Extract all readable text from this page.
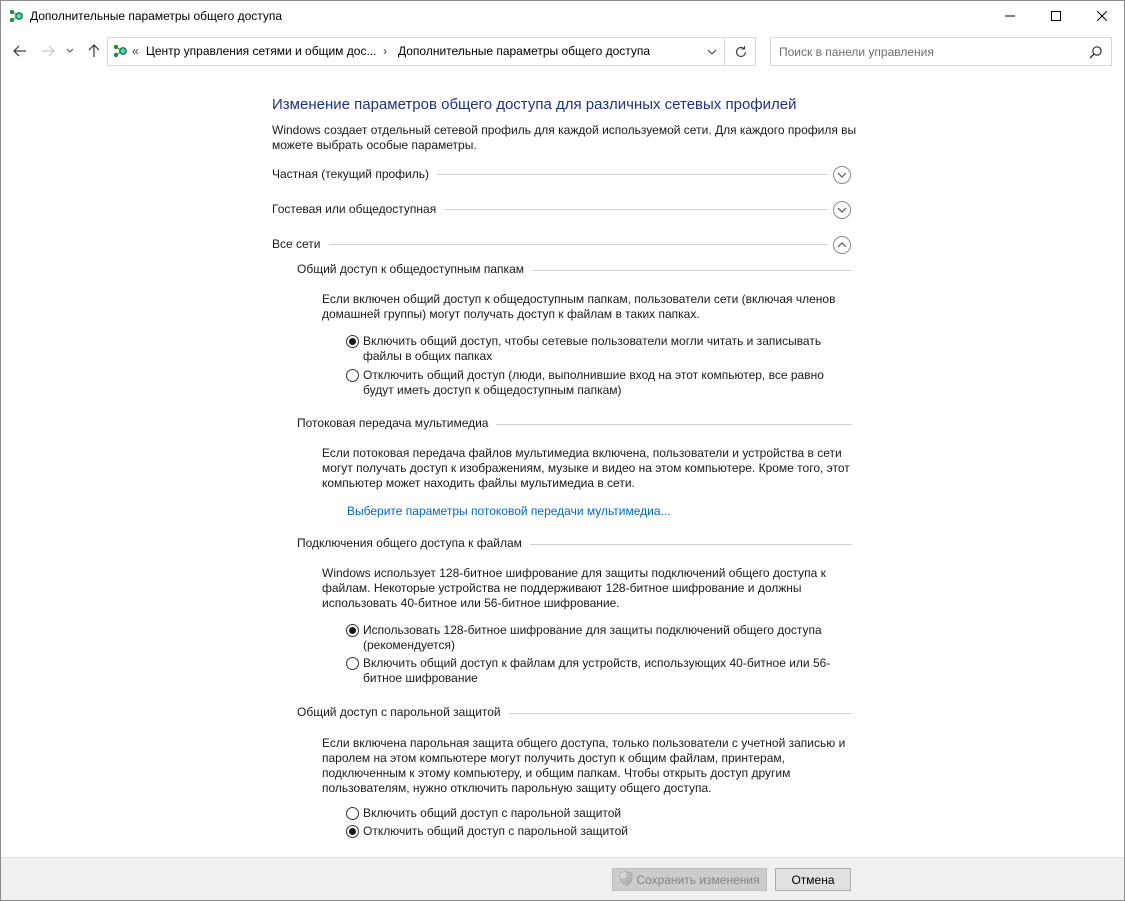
Дополнительные параметры общего доступа
« Центр управления сетями и общим дос... › Дополнительные параметры общего доступа
Поиск в панели управления
Изменение параметров общего доступа для различных сетевых профилей
Windows создает отдельный сетевой профиль для каждой используемой сети. Для каждого профиля вы можете выбрать особые параметры.
Частная (текущий профиль)
Гостевая или общедоступная
Все сети
Общий доступ к общедоступным папкам
Если включен общий доступ к общедоступным папкам, пользователи сети (включая членов домашней группы) могут получать доступ к файлам в таких папках.
Включить общий доступ, чтобы сетевые пользователи могли читать и записывать файлы в общих папках
Отключить общий доступ (люди, выполнившие вход на этот компьютер, все равно будут иметь доступ к общедоступным папкам)
Потоковая передача мультимедиа
Если потоковая передача файлов мультимедиа включена, пользователи и устройства в сети могут получать доступ к изображениям, музыке и видео на этом компьютере. Кроме того, этот компьютер может находить файлы мультимедиа в сети.
Выберите параметры потоковой передачи мультимедиа...
Подключения общего доступа к файлам
Windows использует 128-битное шифрование для защиты подключений общего доступа к файлам. Некоторые устройства не поддерживают 128-битное шифрование и должны использовать 40-битное или 56-битное шифрование.
Использовать 128-битное шифрование для защиты подключений общего доступа (рекомендуется)
Включить общий доступ к файлам для устройств, использующих 40-битное или 56-битное шифрование
Общий доступ с парольной защитой
Если включена парольная защита общего доступа, только пользователи с учетной записью и паролем на этом компьютере могут получить доступ к общим файлам, принтерам, подключенным к этому компьютеру, и общим папкам. Чтобы открыть доступ другим пользователям, нужно отключить парольную защиту общего доступа.
Включить общий доступ с парольной защитой
Отключить общий доступ с парольной защитой
Сохранить изменения	Отмена
